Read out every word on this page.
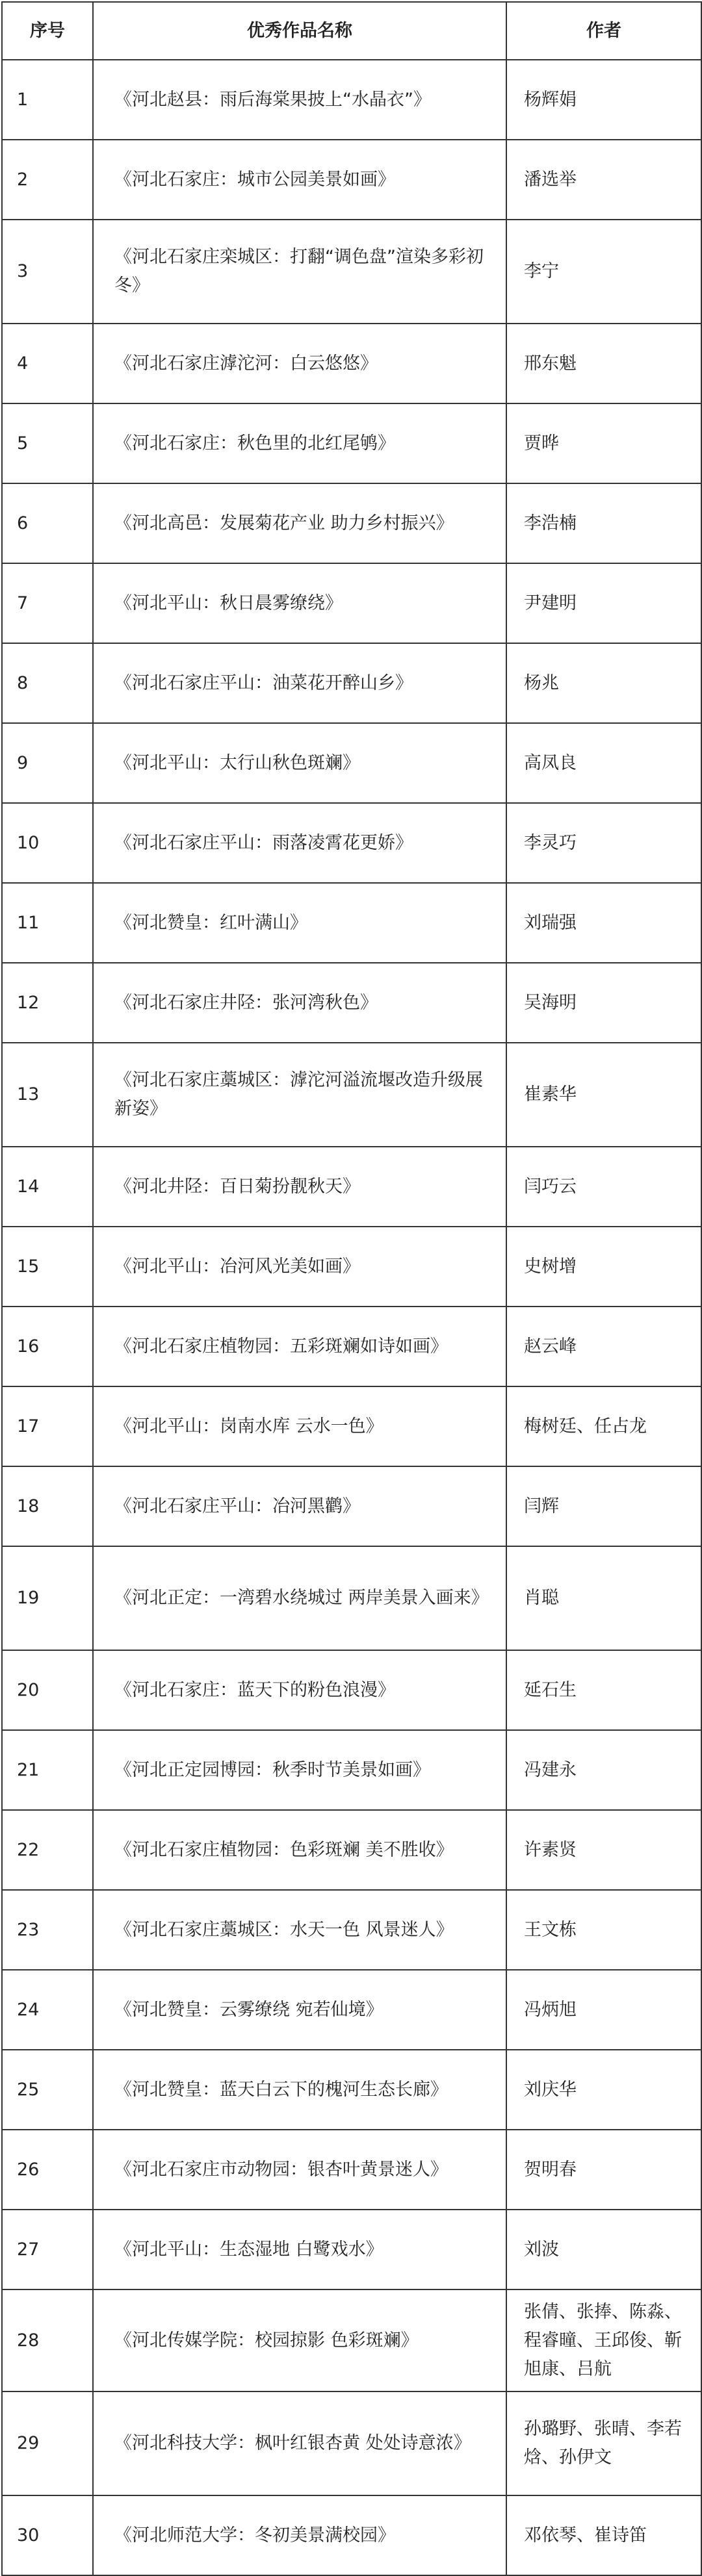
序号	优秀作品名称	作者
1	《河北赵县：雨后海棠果披上“水晶衣”》	杨辉娟
2	《河北石家庄：城市公园美景如画》	潘选举
3	《河北石家庄栾城区：打翻“调色盘”渲染多彩初冬》	李宁
4	《河北石家庄滹沱河：白云悠悠》	邢东魁
5	《河北石家庄：秋色里的北红尾鸲》	贾晔
6	《河北高邑：发展菊花产业 助力乡村振兴》	李浩楠
7	《河北平山：秋日晨雾缭绕》	尹建明
8	《河北石家庄平山：油菜花开醉山乡》	杨兆
9	《河北平山：太行山秋色斑斓》	高凤良
10	《河北石家庄平山：雨落凌霄花更娇》	李灵巧
11	《河北赞皇：红叶满山》	刘瑞强
12	《河北石家庄井陉：张河湾秋色》	吴海明
13	《河北石家庄藁城区：滹沱河溢流堰改造升级展新姿》	崔素华
14	《河北井陉：百日菊扮靓秋天》	闫巧云
15	《河北平山：冶河风光美如画》	史树增
16	《河北石家庄植物园：五彩斑斓如诗如画》	赵云峰
17	《河北平山：岗南水库 云水一色》	梅树廷、任占龙
18	《河北石家庄平山：冶河黑鹳》	闫辉
19	《河北正定：一湾碧水绕城过 两岸美景入画来》	肖聪
20	《河北石家庄：蓝天下的粉色浪漫》	延石生
21	《河北正定园博园：秋季时节美景如画》	冯建永
22	《河北石家庄植物园：色彩斑斓 美不胜收》	许素贤
23	《河北石家庄藁城区：水天一色 风景迷人》	王文栋
24	《河北赞皇：云雾缭绕 宛若仙境》	冯炳旭
25	《河北赞皇：蓝天白云下的槐河生态长廊》	刘庆华
26	《河北石家庄市动物园：银杏叶黄景迷人》	贺明春
27	《河北平山：生态湿地 白鹭戏水》	刘波
28	《河北传媒学院：校园掠影 色彩斑斓》	张倩、张捧、陈淼、程睿曈、王邱俊、靳旭康、吕航
29	《河北科技大学：枫叶红银杏黄 处处诗意浓》	孙璐野、张晴、李若焓、孙伊文
30	《河北师范大学：冬初美景满校园》	邓依琴、崔诗笛
